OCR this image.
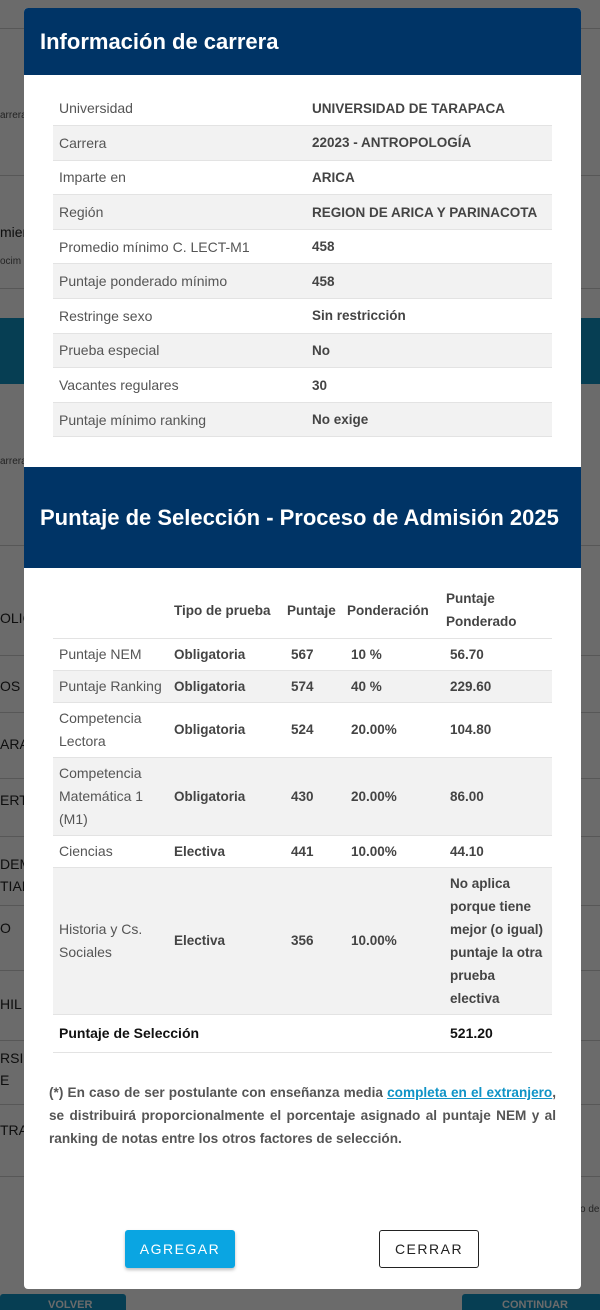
Información de carrera
Universidad	UNIVERSIDAD DE TARAPACA
Carrera	22023 - ANTROPOLOGÍA
Imparte en	ARICA
Región	REGION DE ARICA Y PARINACOTA
Promedio mínimo C. LECT-M1	458
Puntaje ponderado mínimo	458
Restringe sexo	Sin restricción
Prueba especial	No
Vacantes regulares	30
Puntaje mínimo ranking	No exige
Puntaje de Selección - Proceso de Admisión 2025
	Tipo de prueba	Puntaje	Ponderación	Puntaje Ponderado
Puntaje NEM	Obligatoria	567	10 %	56.70
Puntaje Ranking	Obligatoria	574	40 %	229.60
Competencia Lectora	Obligatoria	524	20.00%	104.80
Competencia Matemática 1 (M1)	Obligatoria	430	20.00%	86.00
Ciencias	Electiva	441	10.00%	44.10
Historia y Cs. Sociales	Electiva	356	10.00%	No aplica porque tiene mejor (o igual) puntaje la otra prueba electiva
Puntaje de Selección				521.20

(*) En caso de ser postulante con enseñanza media completa en el extranjero, se distribuirá proporcionalmente el porcentaje asignado al puntaje NEM y al ranking de notas entre los otros factores de selección.

AGREGAR	CERRAR
